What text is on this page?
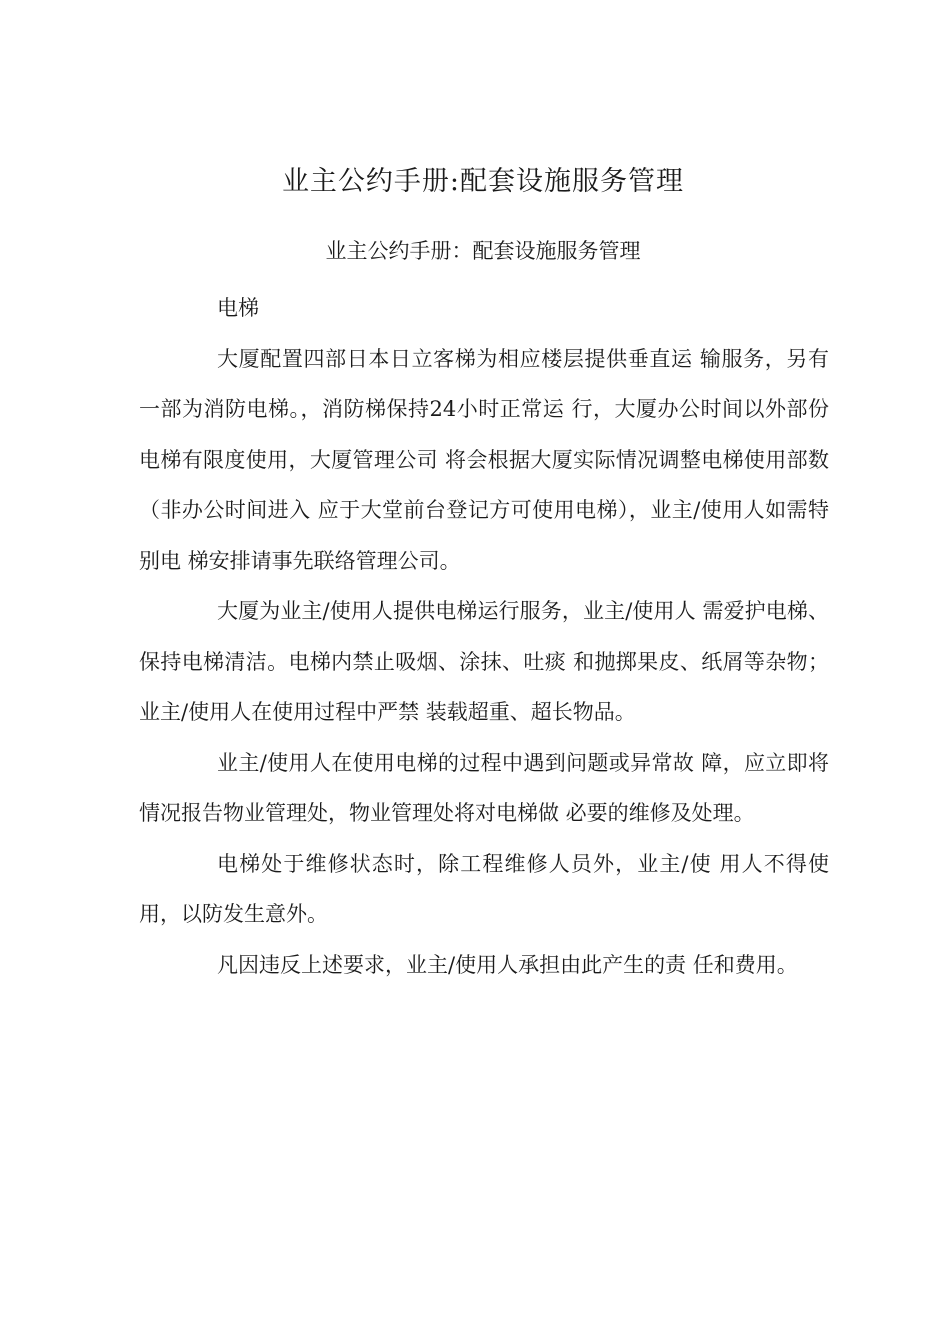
业主公约手册:配套设施服务管理
业主公约手册：配套设施服务管理

电梯

大厦配置四部日本日立客梯为相应楼层提供垂直运 输服务，另有一部为消防电梯。，消防梯保持24小时正常运 行，大厦办公时间以外部份电梯有限度使用，大厦管理公司 将会根据大厦实际情况调整电梯使用部数（非办公时间进入 应于大堂前台登记方可使用电梯），业主/使用人如需特别电 梯安排请事先联络管理公司。

大厦为业主/使用人提供电梯运行服务，业主/使用人 需爱护电梯、保持电梯清洁。电梯内禁止吸烟、涂抹、吐痰 和抛掷果皮、纸屑等杂物；业主/使用人在使用过程中严禁 装载超重、超长物品。

业主/使用人在使用电梯的过程中遇到问题或异常故 障，应立即将情况报告物业管理处，物业管理处将对电梯做 必要的维修及处理。

电梯处于维修状态时，除工程维修人员外，业主/使 用人不得使用，以防发生意外。

凡因违反上述要求，业主/使用人承担由此产生的责 任和费用。
